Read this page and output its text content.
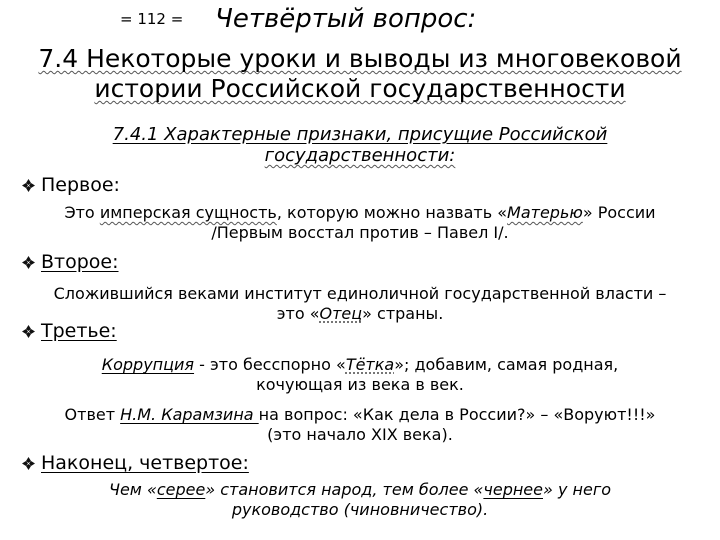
= 112 = Четвёртый вопрос:
7.4 Некоторые уроки и выводы из многовековой
истории Российской государственности
7.4.1 Характерные признаки, присущие Российской
государственности:
Первое:
Это имперская сущность, которую можно назвать «Матерью» России
/Первым восстал против – Павел I/.
Второе:
Сложившийся веками институт единоличной государственной власти –
это «Отец» страны.
Третье:
Коррупция - это бесспорно «Тётка»; добавим, самая родная,
кочующая из века в век.
Ответ Н.М. Карамзина на вопрос: «Как дела в России?» – «Воруют!!!»
(это начало XIX века).
Наконец, четвертое:
Чем «серее» становится народ, тем более «чернее» у него
руководство (чиновничество).
